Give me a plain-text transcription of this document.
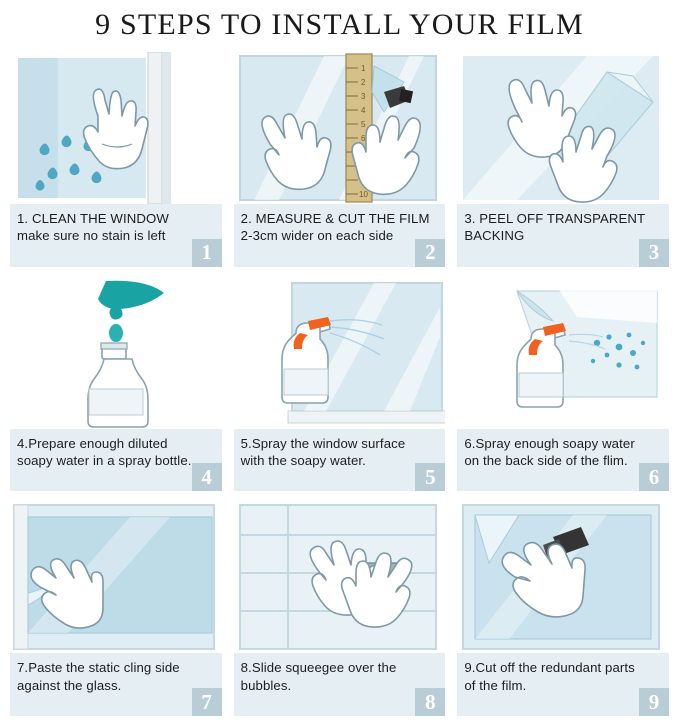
9 STEPS TO INSTALL YOUR FILM
1
1. CLEAN THE WINDOW
make sure no stain is left
1
2
3
4
5
6
10
2
2. MEASURE & CUT THE FILM
2-3cm wider on each side
3
3. PEEL OFF TRANSPARENT
BACKING
4
4.Prepare enough diluted
soapy water in a spray bottle.
5
5.Spray the window surface
with the soapy water.
6
6.Spray enough soapy water
on the back side of the flim.
7
7.Paste the static cling side
against the glass.
8
8.Slide squeegee over the
bubbles.
9
9.Cut off the redundant parts
of the film.
